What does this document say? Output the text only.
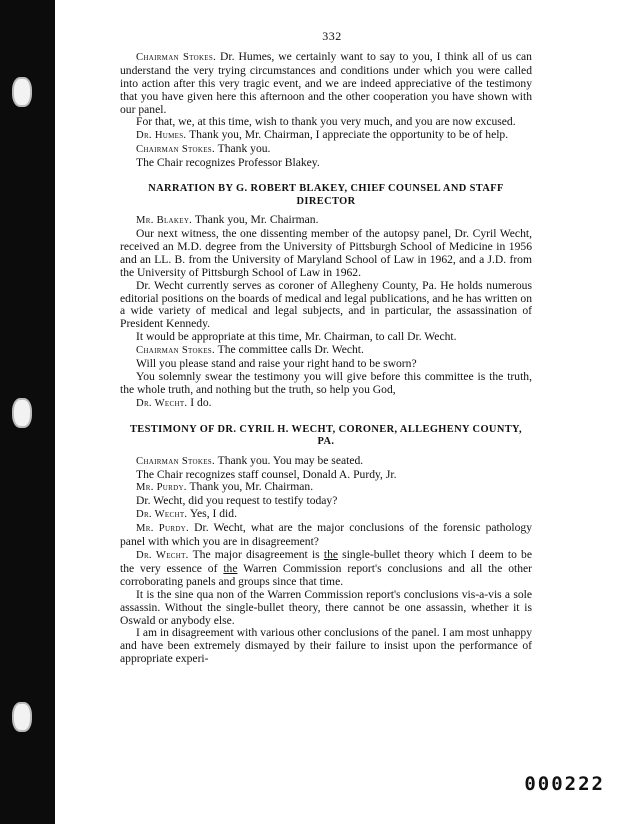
332

Chairman Stokes. Dr. Humes, we certainly want to say to you, I think all of us can understand the very trying circumstances and conditions under which you were called into action after this very tragic event, and we are indeed appreciative of the testimony that you have given here this afternoon and the other cooperation you have shown with our panel.

For that, we, at this time, wish to thank you very much, and you are now excused.

Dr. Humes. Thank you, Mr. Chairman, I appreciate the opportunity to be of help.

Chairman Stokes. Thank you.

The Chair recognizes Professor Blakey.

NARRATION BY G. ROBERT BLAKEY, CHIEF COUNSEL AND STAFF DIRECTOR

Mr. Blakey. Thank you, Mr. Chairman.

Our next witness, the one dissenting member of the autopsy panel, Dr. Cyril Wecht, received an M.D. degree from the University of Pittsburgh School of Medicine in 1956 and an LL. B. from the University of Maryland School of Law in 1962, and a J.D. from the University of Pittsburgh School of Law in 1962.

Dr. Wecht currently serves as coroner of Allegheny County, Pa. He holds numerous editorial positions on the boards of medical and legal publications, and he has written on a wide variety of medical and legal subjects, and in particular, the assassination of President Kennedy.

It would be appropriate at this time, Mr. Chairman, to call Dr. Wecht.

Chairman Stokes. The committee calls Dr. Wecht.

Will you please stand and raise your right hand to be sworn?

You solemnly swear the testimony you will give before this committee is the truth, the whole truth, and nothing but the truth, so help you God,

Dr. Wecht. I do.

TESTIMONY OF DR. CYRIL H. WECHT, CORONER, ALLEGHENY COUNTY, PA.

Chairman Stokes. Thank you. You may be seated.

The Chair recognizes staff counsel, Donald A. Purdy, Jr.

Mr. Purdy. Thank you, Mr. Chairman.

Dr. Wecht, did you request to testify today?

Dr. Wecht. Yes, I did.

Mr. Purdy. Dr. Wecht, what are the major conclusions of the forensic pathology panel with which you are in disagreement?

Dr. Wecht. The major disagreement is the single-bullet theory which I deem to be the very essence of the Warren Commission report's conclusions and all the other corroborating panels and groups since that time.

It is the sine qua non of the Warren Commission report's conclusions vis-a-vis a sole assassin. Without the single-bullet theory, there cannot be one assassin, whether it is Oswald or anybody else.

I am in disagreement with various other conclusions of the panel. I am most unhappy and have been extremely dismayed by their failure to insist upon the performance of appropriate experi-

000222
